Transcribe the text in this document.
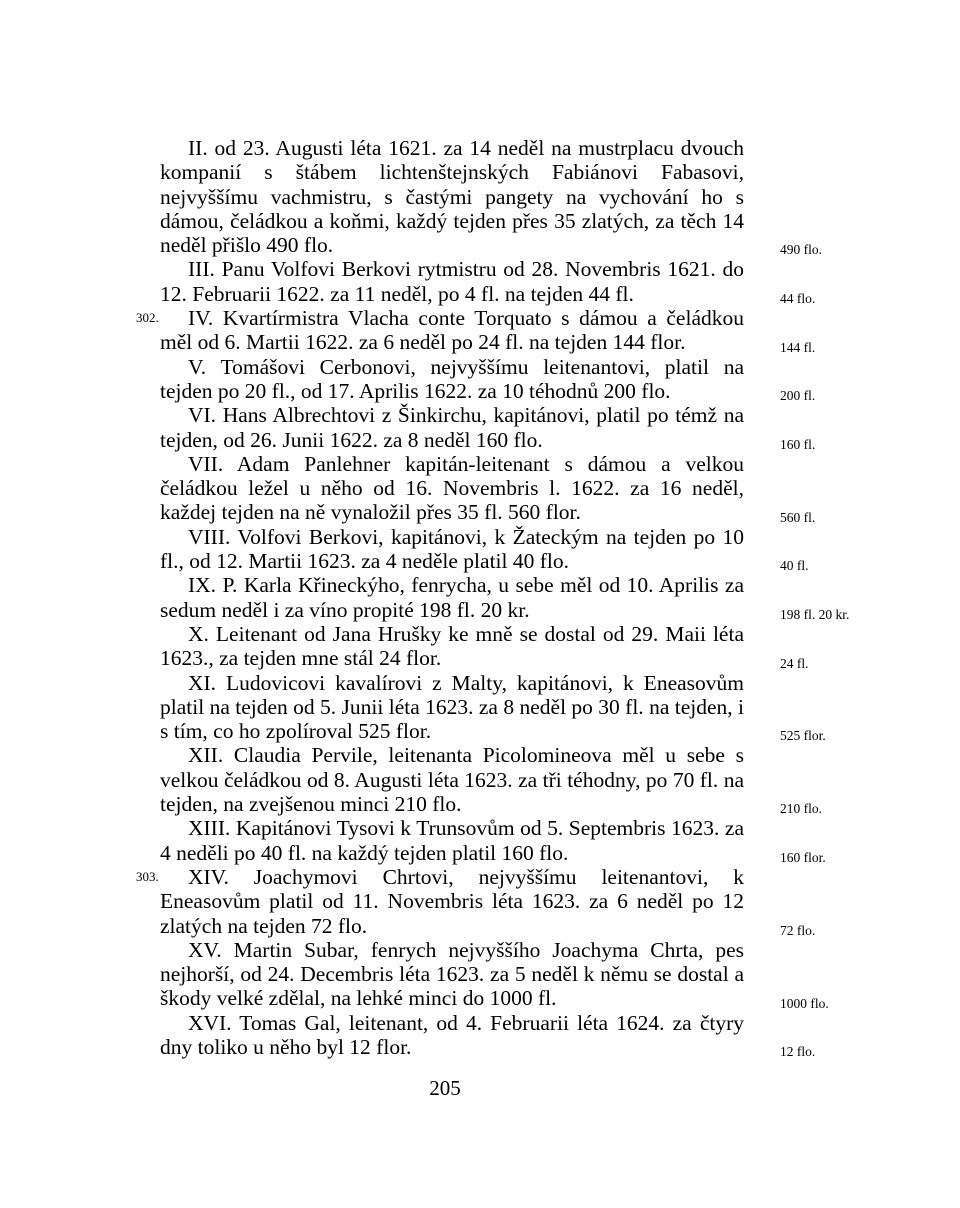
II. od 23. Augusti léta 1621. za 14 neděl na mustrplacu dvouch kompanií s štábem lichtenštejnských Fabiánovi Fabasovi, nejvyššímu vachmistru, s častými pangety na vychování ho s dámou, čeládkou a koňmi, každý tejden přes 35 zlatých, za těch 14 neděl přišlo 490 flo.	490 flo.

III. Panu Volfovi Berkovi rytmistru od 28. Novembris 1621. do 12. Februarii 1622. za 11 neděl, po 4 fl. na tejden 44 fl.	44 flo.

302. IV. Kvartírmistra Vlacha conte Torquato s dámou a čeládkou měl od 6. Martii 1622. za 6 neděl po 24 fl. na tejden 144 flor.	144 fl.

V. Tomášovi Cerbonovi, nejvyššímu leitenantovi, platil na tejden po 20 fl., od 17. Aprilis 1622. za 10 téhodnů 200 flo.	200 fl.

VI. Hans Albrechtovi z Šinkirchu, kapitánovi, platil po témž na tejden, od 26. Junii 1622. za 8 neděl 160 flo.	160 fl.

VII. Adam Panlehner kapitán-leitenant s dámou a velkou čeládkou ležel u něho od 16. Novembris l. 1622. za 16 neděl, každej tejden na ně vynaložil přes 35 fl. 560 flor.	560 fl.

VIII. Volfovi Berkovi, kapitánovi, k Žateckým na tejden po 10 fl., od 12. Martii 1623. za 4 neděle platil 40 flo.	40 fl.

IX. P. Karla Křineckýho, fenrycha, u sebe měl od 10. Aprilis za sedum neděl i za víno propité 198 fl. 20 kr.	198 fl. 20 kr.

X. Leitenant od Jana Hrušky ke mně se dostal od 29. Maii léta 1623., za tejden mne stál 24 flor.	24 fl.

XI. Ludovicovi kavalírovi z Malty, kapitánovi, k Eneasovům platil na tejden od 5. Junii léta 1623. za 8 neděl po 30 fl. na tejden, i s tím, co ho zpolíroval 525 flor.	525 flor.

XII. Claudia Pervile, leitenanta Picolomineova měl u sebe s velkou čeládkou od 8. Augusti léta 1623. za tři téhodny, po 70 fl. na tejden, na zvejšenou minci 210 flo.	210 flo.

XIII. Kapitánovi Tysovi k Trunsovům od 5. Septembris 1623. za 4 neděli po 40 fl. na každý tejden platil 160 flo.	160 flor.

303. XIV. Joachymovi Chrtovi, nejvyššímu leitenantovi, k Eneasovům platil od 11. Novembris léta 1623. za 6 neděl po 12 zlatých na tejden 72 flo.	72 flo.

XV. Martin Subar, fenrych nejvyššího Joachyma Chrta, pes nejhorší, od 24. Decembris léta 1623. za 5 neděl k němu se dostal a škody velké zdělal, na lehké minci do 1000 fl.	1000 flo.

XVI. Tomas Gal, leitenant, od 4. Februarii léta 1624. za čtyry dny toliko u něho byl 12 flor.	12 flo.

205
